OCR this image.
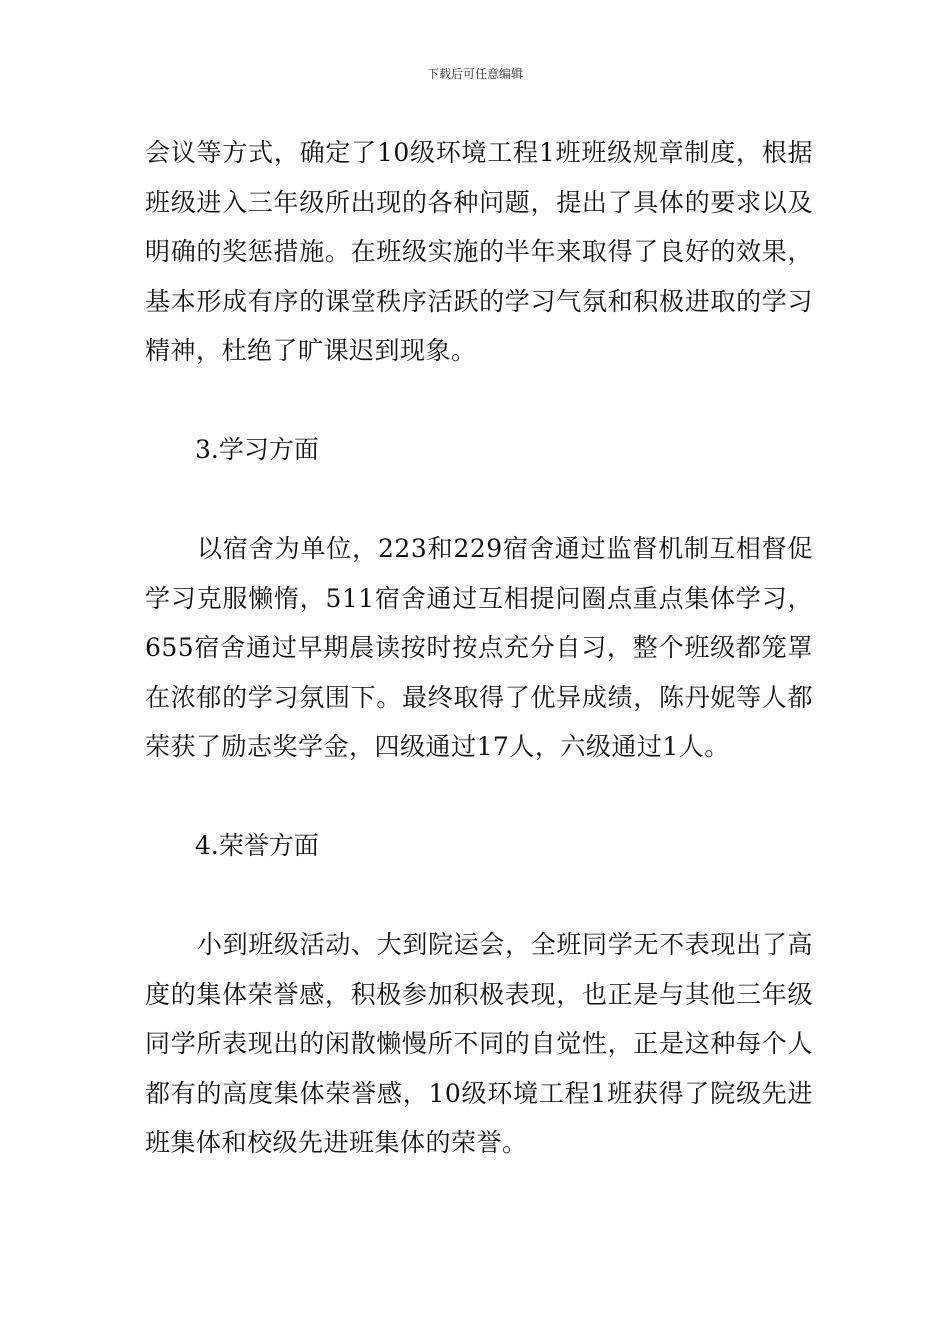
下载后可任意编辑

会议等方式，确定了10级环境工程1班班级规章制度，根据班级进入三年级所出现的各种问题，提出了具体的要求以及明确的奖惩措施。在班级实施的半年来取得了良好的效果，基本形成有序的课堂秩序活跃的学习气氛和积极进取的学习精神，杜绝了旷课迟到现象。

3.学习方面

以宿舍为单位，223和229宿舍通过监督机制互相督促学习克服懒惰，511宿舍通过互相提问圈点重点集体学习，655宿舍通过早期晨读按时按点充分自习，整个班级都笼罩在浓郁的学习氛围下。最终取得了优异成绩，陈丹妮等人都荣获了励志奖学金，四级通过17人，六级通过1人。

4.荣誉方面

小到班级活动、大到院运会，全班同学无不表现出了高度的集体荣誉感，积极参加积极表现，也正是与其他三年级同学所表现出的闲散懒慢所不同的自觉性，正是这种每个人都有的高度集体荣誉感，10级环境工程1班获得了院级先进班集体和校级先进班集体的荣誉。
